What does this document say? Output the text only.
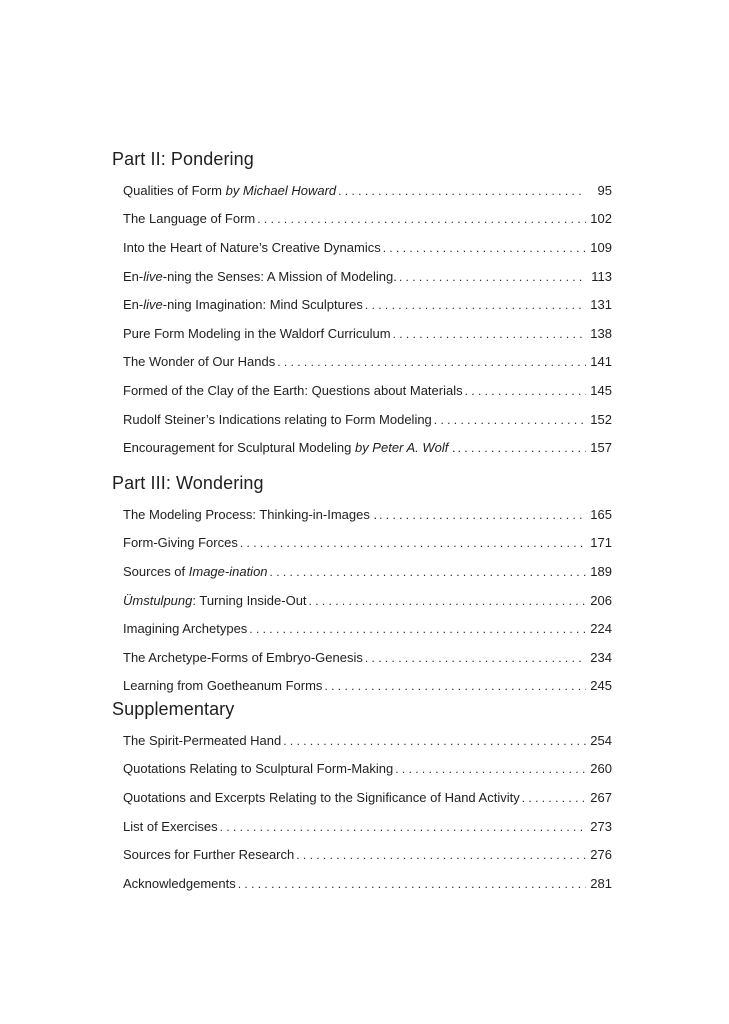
Part II: Pondering
Qualities of Form by Michael Howard . . .	95
The Language of Form . . .	102
Into the Heart of Nature’s Creative Dynamics . . .	109
En-live-ning the Senses: A Mission of Modeling. . . .	113
En-live-ning Imagination: Mind Sculptures . . .	131
Pure Form Modeling in the Waldorf Curriculum . . .	138
The Wonder of Our Hands . . .	141
Formed of the Clay of the Earth: Questions about Materials . . .	145
Rudolf Steiner’s Indications relating to Form Modeling . . .	152
Encouragement for Sculptural Modeling by Peter A. Wolf . . . .	157
Part III: Wondering
The Modeling Process: Thinking-in-Images . . . .	165
Form-Giving Forces . . .	171
Sources of Image-ination . . .	189
Ümstulpung: Turning Inside-Out . . .	206
Imagining Archetypes . . .	224
The Archetype-Forms of Embryo-Genesis . . .	234
Learning from Goetheanum Forms . . .	245
Supplementary
The Spirit-Permeated Hand . . .	254
Quotations Relating to Sculptural Form-Making . . .	260
Quotations and Excerpts Relating to the Significance of Hand Activity . . .	267
List of Exercises . . .	273
Sources for Further Research . . .	276
Acknowledgements . . .	281
